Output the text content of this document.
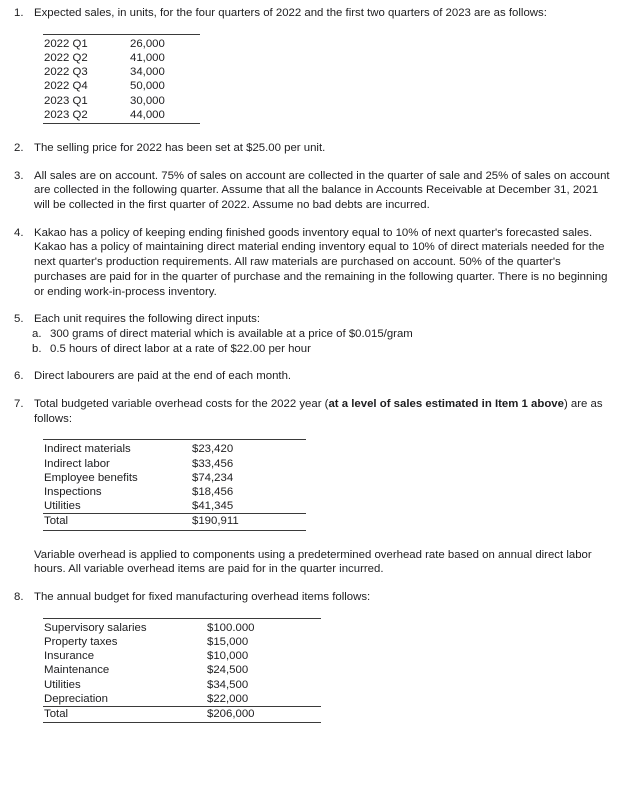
1. Expected sales, in units, for the four quarters of 2022 and the first two quarters of 2023 are as follows:

2022 Q1	26,000
2022 Q2	41,000
2022 Q3	34,000
2022 Q4	50,000
2023 Q1	30,000
2023 Q2	44,000
2. The selling price for 2022 has been set at $25.00 per unit.

3. All sales are on account. 75% of sales on account are collected in the quarter of sale and 25% of sales on account are collected in the following quarter. Assume that all the balance in Accounts Receivable at December 31, 2021 will be collected in the first quarter of 2022. Assume no bad debts are incurred.

4. Kakao has a policy of keeping ending finished goods inventory equal to 10% of next quarter's forecasted sales. Kakao has a policy of maintaining direct material ending inventory equal to 10% of direct materials needed for the next quarter's production requirements. All raw materials are purchased on account. 50% of the quarter's purchases are paid for in the quarter of purchase and the remaining in the following quarter. There is no beginning or ending work-in-process inventory.

5. Each unit requires the following direct inputs:

a. 300 grams of direct material which is available at a price of $0.015/gram
b. 0.5 hours of direct labor at a rate of $22.00 per hour
6. Direct labourers are paid at the end of each month.

7. Total budgeted variable overhead costs for the 2022 year (at a level of sales estimated in Item 1 above) are as follows:

Indirect materials	$23,420
Indirect labor	$33,456
Employee benefits	$74,234
Inspections	$18,456
Utilities	$41,345
Total	$190,911

Variable overhead is applied to components using a predetermined overhead rate based on annual direct labor hours. All variable overhead items are paid for in the quarter incurred.

8. The annual budget for fixed manufacturing overhead items follows:

Supervisory salaries	$100.000
Property taxes	$15,000
Insurance	$10,000
Maintenance	$24,500
Utilities	$34,500
Depreciation	$22,000
Total	$206,000
